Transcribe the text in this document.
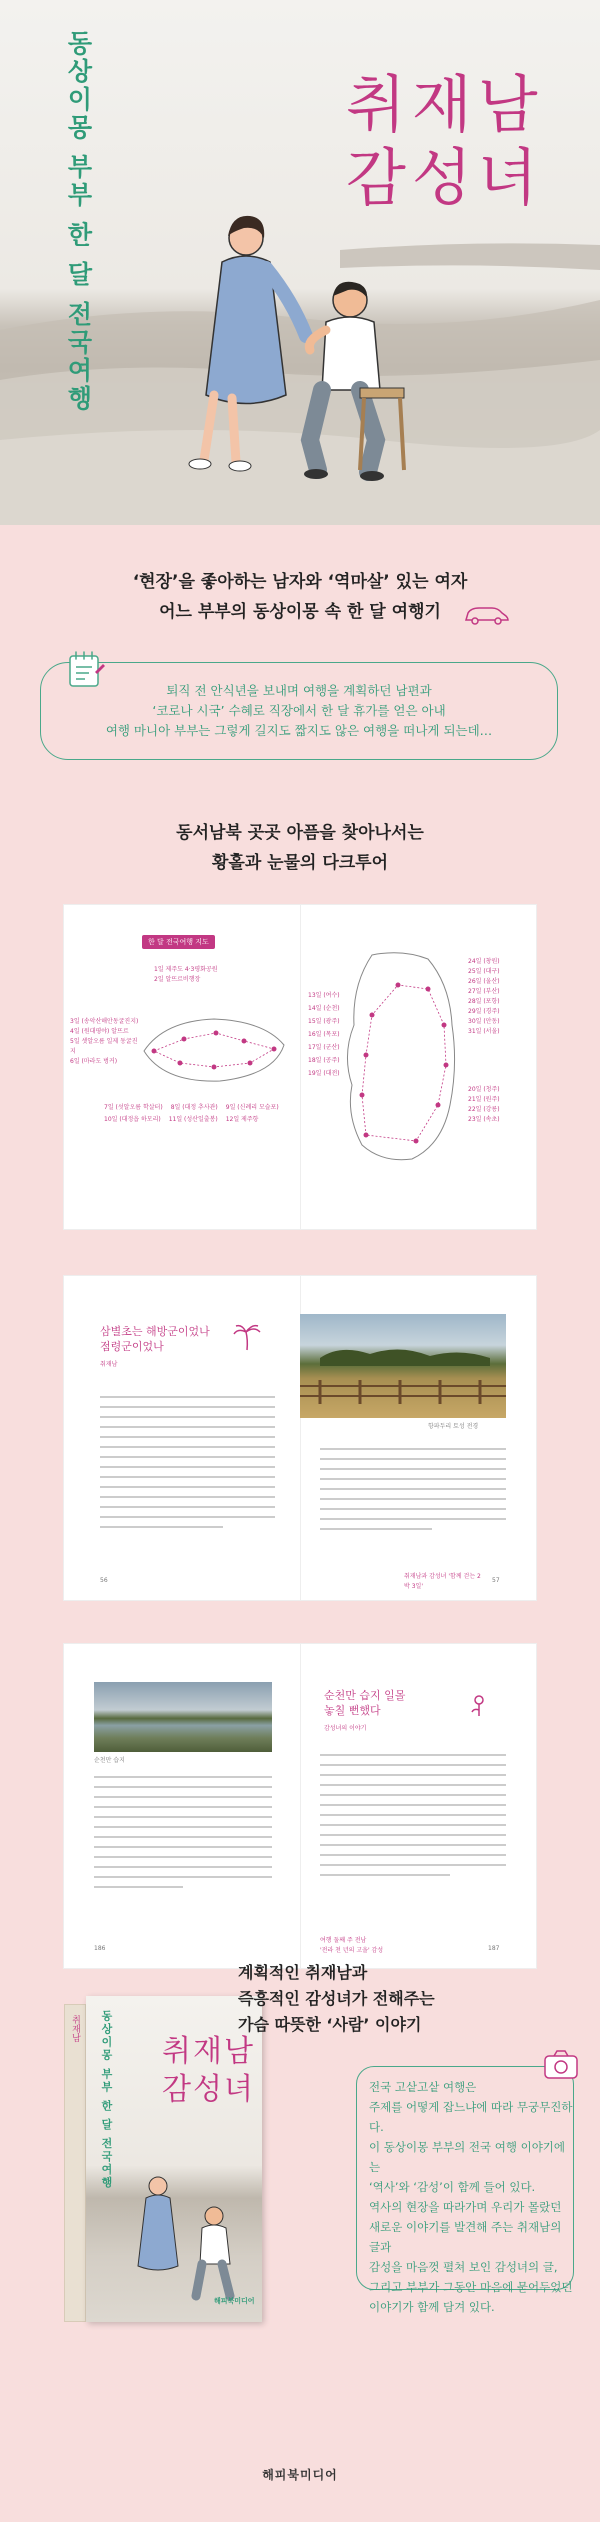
동상이몽 부부 한 달 전국여행	취재남
감성녀
‘현장’을 좋아하는 남자와 ‘역마살’ 있는 여자
어느 부부의 동상이몽 속 한 달 여행기

퇴직 전 안식년을 보내며 여행을 계획하던 남편과

‘코로나 시국’ 수혜로 직장에서 한 달 휴가를 얻은 아내

여행 마니아 부부는 그렇게 길지도 짧지도 않은 여행을 떠나게 되는데…

동서남북 곳곳 아픔을 찾아나서는
황홀과 눈물의 다크투어
한 달 전국여행 지도
1일 제주도 4·3평화공원
2일 알뜨르비행장
3일 (송악산해안동굴진지)
4일 (원대평야) 알뜨르
5일 셋알오름 일제 동굴진지
6일 (마라도 벙커)
7일 (섯알오름 학살터) 8일 (대정 추사관) 9일 (신례리 모슬포)
10일 (대정읍 하모리) 11일 (성산일출봉) 12일 제주항
24일 (창원)
25일 (대구)
26일 (울산)
27일 (부산)
28일 (포항)
29일 (경주)
30일 (안동)
31일 (서울)
13일 (여수)
14일 (순천)
15일 (광주)
16일 (목포)
17일 (군산)
18일 (공주)
19일 (대전)
20일 (청주)
21일 (원주)
22일 (강릉)
23일 (속초)
삼별초는 해방군이었나
점령군이었나
취재남
항파두리 토성 전경
56
취재남과 감성녀 '함께 걷는 2박 3일'
57
순천만 습지
순천만 습지 일몰
놓칠 뻔했다
감성녀의 이야기
186
여행 둘째 주 전남
'전라 천 년의 고을' 감성	187
취재남 동상이몽 부부 한 달 전국여행 취재남
감성녀
해피북미디어
계획적인 취재남과
즉흥적인 감성녀가 전해주는
가슴 따뜻한 ‘사람’ 이야기

전국 고샅고샅 여행은

주제를 어떻게 잡느냐에 따라 무궁무진하다.

이 동상이몽 부부의 전국 여행 이야기에는

‘역사’와 ‘감성’이 함께 들어 있다.

역사의 현장을 따라가며 우리가 몰랐던

새로운 이야기를 발견해 주는 취재남의 글과

감성을 마음껏 펼쳐 보인 감성녀의 글,

그리고 부부가 그동안 마음에 묻어두었던

이야기가 함께 담겨 있다.

해피북미디어
